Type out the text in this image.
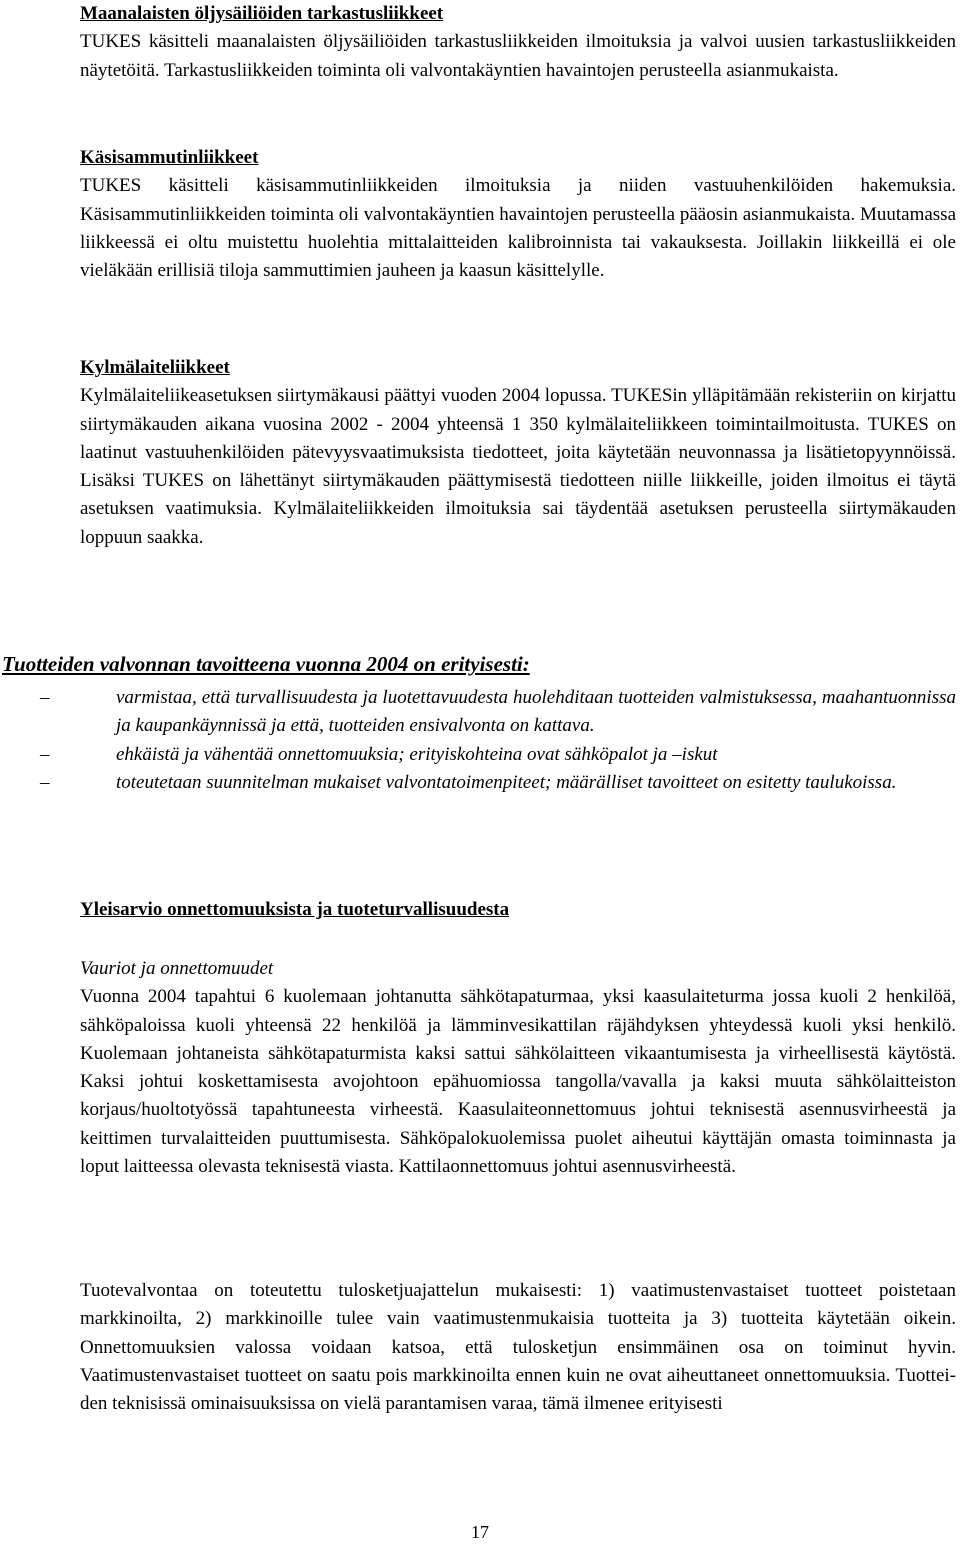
Maanalaisten öljysäiliöiden tarkastusliikkeet
TUKES käsitteli maanalaisten öljysäiliöiden tarkastusliikkeiden ilmoituksia ja valvoi uusien tarkastusliikkeiden näytetöitä. Tarkastusliikkeiden toiminta oli valvontakäyntien havaintojen perusteella asianmukaista.
Käsisammutinliikkeet
TUKES käsitteli käsisammutinliikkeiden ilmoituksia ja niiden vastuuhenkilöiden hakemuksia. Käsisammutinliikkeiden toiminta oli valvontakäyntien havaintojen perusteella pääosin asianmukaista. Muutamassa liikkeessä ei oltu muistettu huolehtia mittalaitteiden kalibroinnista tai vakauksesta. Joillakin liikkeillä ei ole vieläkään erillisiä tiloja sammuttimien jauheen ja kaasun käsittelylle.
Kylmälaiteliikkeet
Kylmälaiteliikeasetuksen siirtymäkausi päättyi vuoden 2004 lopussa. TUKESin ylläpitämään rekisteriin on kirjattu siirtymäkauden aikana vuosina 2002 - 2004 yhteensä 1 350 kylmälaiteliikkeen toimintailmoitusta. TUKES on laatinut vastuuhenkilöiden pätevyysvaatimuksista tiedotteet, joita käytetään neuvonnassa ja lisätietopyynnöissä. Lisäksi TUKES on lähettänyt siirtymäkauden päättymisestä tiedotteen niille liikkeille, joiden ilmoitus ei täytä asetuksen vaatimuksia. Kylmälaiteliikkeiden ilmoituksia sai täydentää asetuksen perusteella siirtymäkauden loppuun saakka.
Tuotteiden valvonnan tavoitteena vuonna 2004 on erityisesti:
–	varmistaa, että turvallisuudesta ja luotettavuudesta huolehditaan tuotteiden valmistuksessa, maahantuonnissa ja kaupankäynnissä ja että, tuotteiden ensivalvonta on kattava.
–	ehkäistä ja vähentää onnettomuuksia; erityiskohteina ovat sähköpalot ja –iskut
–	toteutetaan suunnitelman mukaiset valvontatoimenpiteet; määrälliset tavoitteet on esitetty taulukoissa.
Yleisarvio onnettomuuksista ja tuoteturvallisuudesta
Vauriot ja onnettomuudet
Vuonna 2004 tapahtui 6 kuolemaan johtanutta sähkötapaturmaa, yksi kaasulaiteturma jossa kuoli 2 henkilöä, sähköpaloissa kuoli yhteensä 22 henkilöä ja lämminvesikattilan räjähdyksen yhteydessä kuoli yksi henkilö. Kuolemaan johtaneista sähkötapaturmista kaksi sattui sähkölaitteen vikaantumisesta ja virheellisestä käytöstä. Kaksi johtui koskettamisesta avojohtoon epähuomiossa tangolla/vavalla ja kaksi muuta sähkölaitteiston korjaus/huoltotyössä tapahtuneesta virheestä. Kaasulaiteonnettomuus johtui teknisestä asennusvirheestä ja keittimen turvalaitteiden puuttumisesta. Sähköpalokuolemissa puolet aiheutui käyttäjän omasta toiminnasta ja loput laitteessa olevasta teknisestä viasta. Kattilaonnettomuus johtui asennusvirheestä.
Tuotevalvontaa on toteutettu tulosketjuajattelun mukaisesti: 1) vaatimustenvastaiset tuotteet poistetaan markkinoilta, 2) markkinoille tulee vain vaatimustenmukaisia tuotteita ja 3) tuotteita käytetään oikein. Onnettomuuksien valossa voidaan katsoa, että tulosketjun ensimmäinen osa on toiminut hyvin. Vaatimustenvastaiset tuotteet on saatu pois markkinoilta ennen kuin ne ovat aiheuttaneet onnettomuuksia. Tuotteiden teknisissä ominaisuuksissa on vielä parantamisen varaa, tämä ilmenee erityisesti
17
